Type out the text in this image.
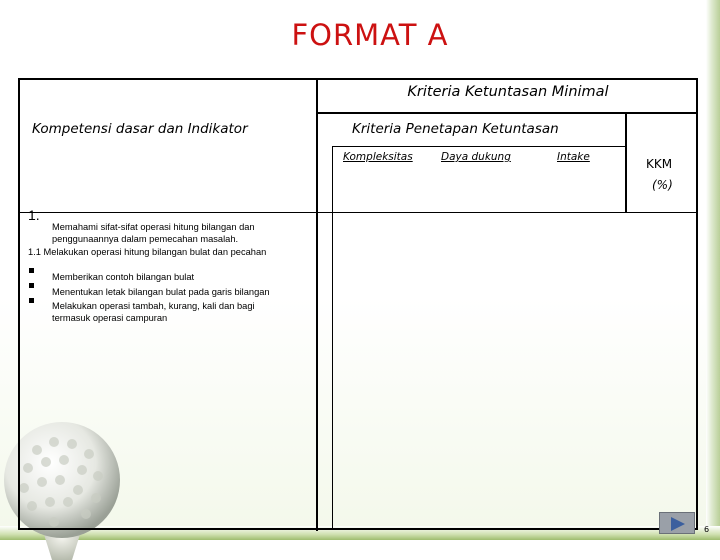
FORMAT A
Kriteria Ketuntasan Minimal
Kompetensi dasar dan Indikator	Kriteria Penetapan Ketuntasan
Kompleksitas	Daya dukung	Intake	KKM
(%)
1.
Memahami sifat-sifat operasi hitung bilangan dan
penggunaannya dalam pemecahan masalah.
1.1 Melakukan operasi hitung bilangan bulat dan pecahan
Memberikan contoh bilangan bulat
Menentukan letak bilangan bulat pada garis bilangan
Melakukan operasi tambah, kurang, kali dan bagi
termasuk operasi campuran
6
